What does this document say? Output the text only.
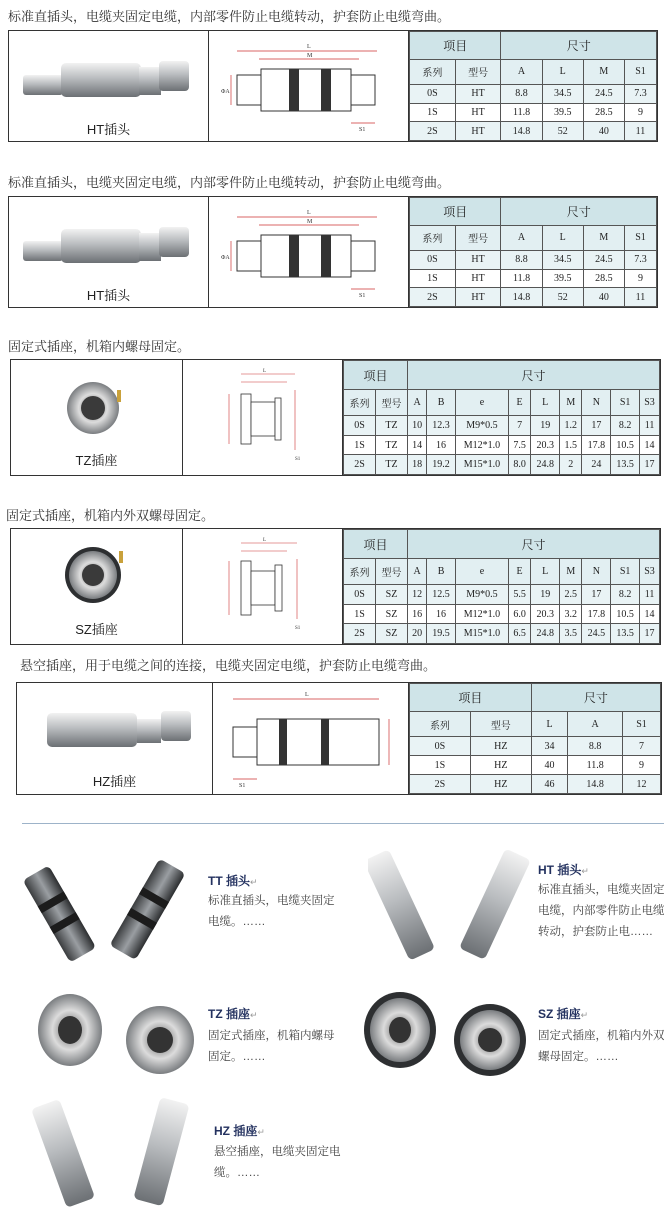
标准直插头，电缆夹固定电缆，内部零件防止电缆转动，护套防止电缆弯曲。
HT插头
L
M
ΦA
S1
项目		尺寸			
系列	型号	A	L	M	S1
0S	HT	8.8	34.5	24.5	7.3
1S	HT	11.8	39.5	28.5	9
2S	HT	14.8	52	40	11
标准直插头，电缆夹固定电缆，内部零件防止电缆转动，护套防止电缆弯曲。
HT插头
L
M
ΦA
S1
项目		尺寸			
系列	型号	A	L	M	S1
0S	HT	8.8	34.5	24.5	7.3
1S	HT	11.8	39.5	28.5	9
2S	HT	14.8	52	40	11
固定式插座，机箱内螺母固定。
TZ插座
L
S1
项目		尺寸								
系列	型号	A	B	e	E	L	M	N	S1	S3
0S	TZ	10	12.3	M9*0.5	7	19	1.2	17	8.2	11
1S	TZ	14	16	M12*1.0	7.5	20.3	1.5	17.8	10.5	14
2S	TZ	18	19.2	M15*1.0	8.0	24.8	2	24	13.5	17
固定式插座，机箱内外双螺母固定。
SZ插座
L
S1
项目		尺寸								
系列	型号	A	B	e	E	L	M	N	S1	S3
0S	SZ	12	12.5	M9*0.5	5.5	19	2.5	17	8.2	11
1S	SZ	16	16	M12*1.0	6.0	20.3	3.2	17.8	10.5	14
2S	SZ	20	19.5	M15*1.0	6.5	24.8	3.5	24.5	13.5	17
悬空插座，用于电缆之间的连接，电缆夹固定电缆，护套防止电缆弯曲。
HZ插座
L
S1
项目		尺寸		
系列	型号	L	A	S1
0S	HZ	34	8.8	7
1S	HZ	40	11.8	9
2S	HZ	46	14.8	12
TT 插头↵
标准直插头，电缆夹固定
电缆。……
HT 插头↵
标准直插头，电缆夹固定
电缆，内部零件防止电缆
转动，护套防止电……
TZ 插座↵
固定式插座，机箱内螺母
固定。……
SZ 插座↵
固定式插座，机箱内外双
螺母固定。……
HZ 插座↵
悬空插座，电缆夹固定电
缆。……
